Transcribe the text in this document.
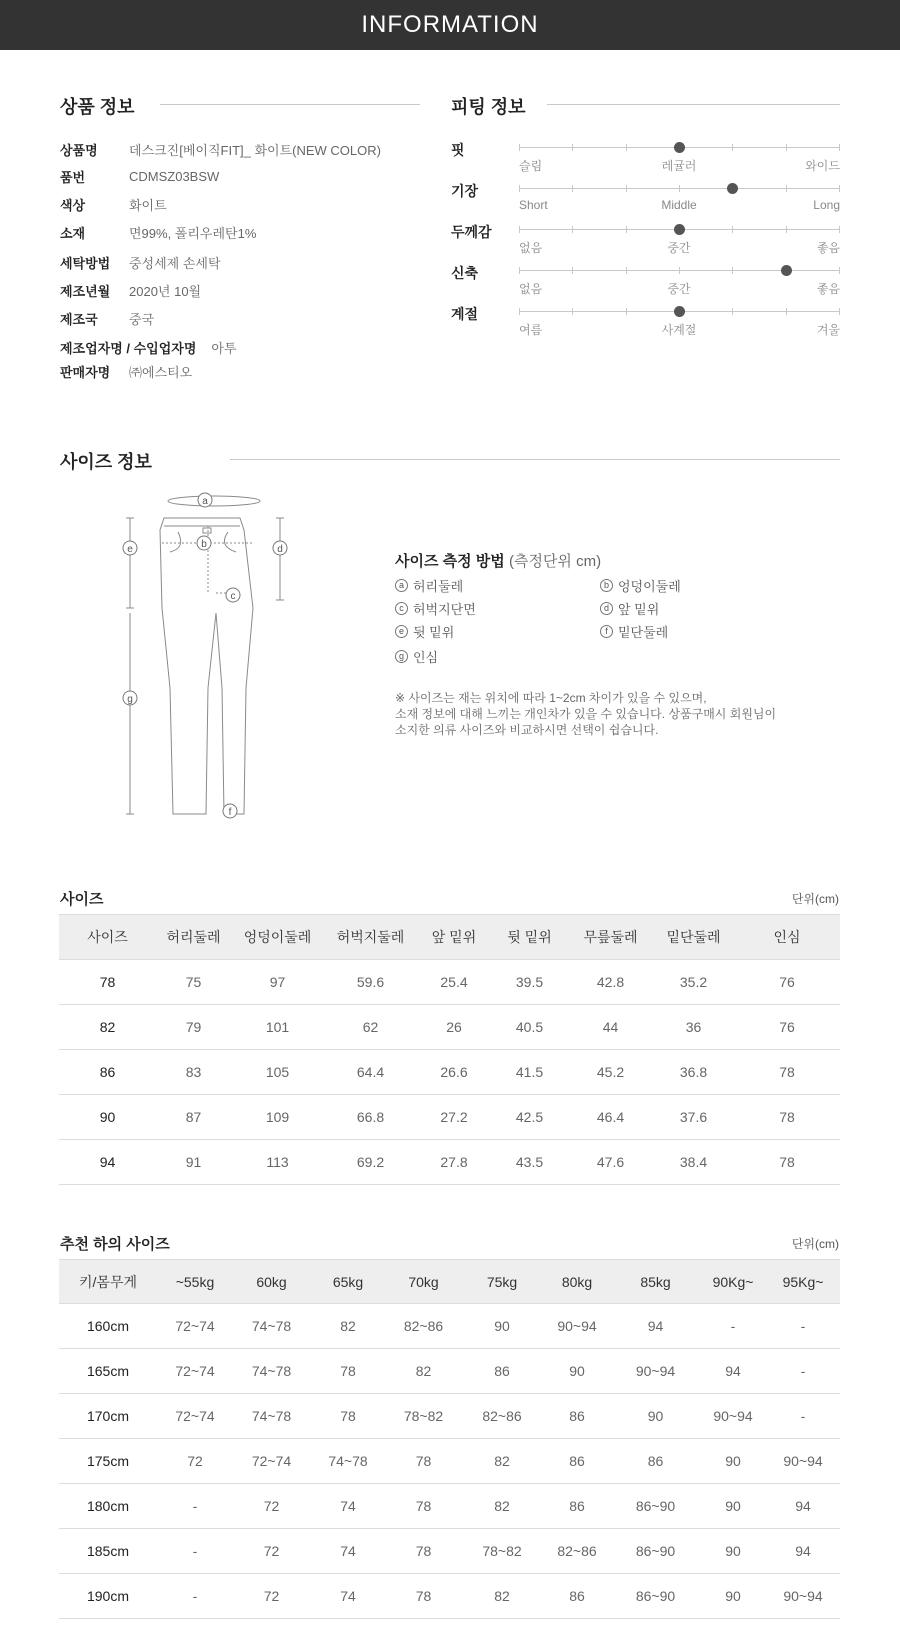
INFORMATION
상품 정보
상품명	데스크진[베이직FIT]_ 화이트(NEW COLOR)
품번	CDMSZ03BSW
색상	화이트
소재	면99%, 폴리우레탄1%
세탁방법	중성세제 손세탁
제조년월	2020년 10월
제조국	중국
제조업자명 / 수입업자명 아투
판매자명	㈜에스티오
피팅 정보
핏
슬림	레귤러	와이드
기장
Short	Middle	Long
두께감
없음	중간	좋음
신축
없음	중간	좋음
계절
여름	사계절	겨울
사이즈 정보
a
b
c
d
e
f
g
사이즈 측정 방법 (측정단위 cm)
a 허리둘레	b 엉덩이둘레
c 허벅지단면	d 앞 밑위
e 뒷 밑위	f 밑단둘레
g 인심
※ 사이즈는 재는 위치에 따라 1~2cm 차이가 있을 수 있으며,
소재 정보에 대해 느끼는 개인차가 있을 수 있습니다. 상품구매시 회원님이
소지한 의류 사이즈와 비교하시면 선택이 쉽습니다.
사이즈	단위(cm)
사이즈	허리둘레	엉덩이둘레	허벅지둘레	앞 밑위	뒷 밑위	무릎둘레	밑단둘레	인심
78	75	97	59.6	25.4	39.5	42.8	35.2	76
82	79	101	62	26	40.5	44	36	76
86	83	105	64.4	26.6	41.5	45.2	36.8	78
90	87	109	66.8	27.2	42.5	46.4	37.6	78
94	91	113	69.2	27.8	43.5	47.6	38.4	78
추천 하의 사이즈	단위(cm)
키/몸무게	~55kg	60kg	65kg	70kg	75kg	80kg	85kg	90Kg~	95Kg~
160cm	72~74	74~78	82	82~86	90	90~94	94	-	-
165cm	72~74	74~78	78	82	86	90	90~94	94	-
170cm	72~74	74~78	78	78~82	82~86	86	90	90~94	-
175cm	72	72~74	74~78	78	82	86	86	90	90~94
180cm	-	72	74	78	82	86	86~90	90	94
185cm	-	72	74	78	78~82	82~86	86~90	90	94
190cm	-	72	74	78	82	86	86~90	90	90~94
